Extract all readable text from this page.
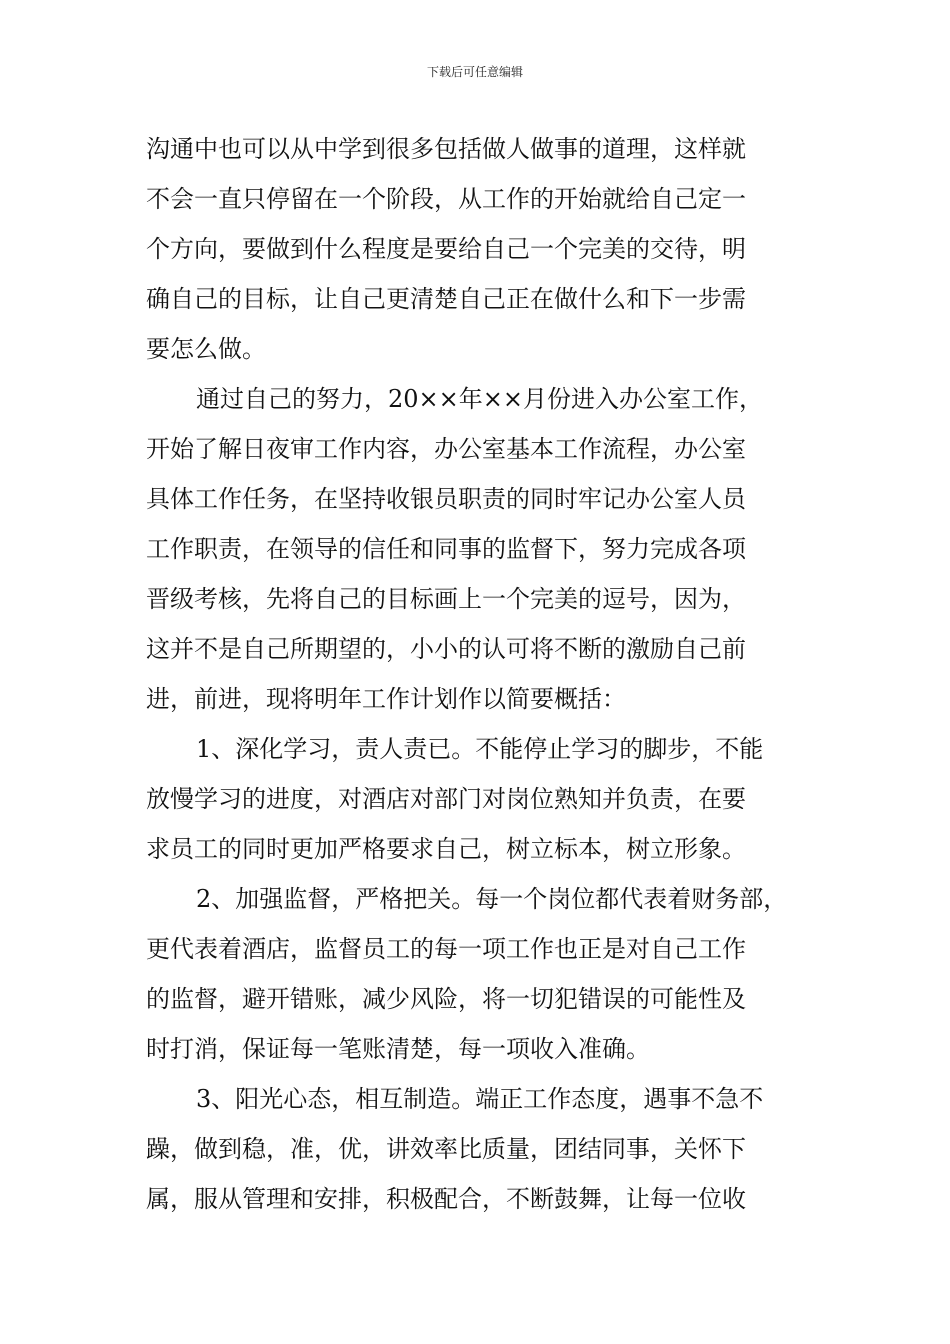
下载后可任意编辑
沟通中也可以从中学到很多包括做人做事的道理，这样就
不会一直只停留在一个阶段，从工作的开始就给自己定一
个方向，要做到什么程度是要给自己一个完美的交待，明
确自己的目标，让自己更清楚自己正在做什么和下一步需
要怎么做。
通过自己的努力，20××年××月份进入办公室工作，
开始了解日夜审工作内容，办公室基本工作流程，办公室
具体工作任务，在坚持收银员职责的同时牢记办公室人员
工作职责，在领导的信任和同事的监督下，努力完成各项
晋级考核，先将自己的目标画上一个完美的逗号，因为，
这并不是自己所期望的，小小的认可将不断的激励自己前
进，前进，现将明年工作计划作以简要概括：
1、深化学习，责人责已。不能停止学习的脚步，不能
放慢学习的进度，对酒店对部门对岗位熟知并负责，在要
求员工的同时更加严格要求自己，树立标本，树立形象。
2、加强监督，严格把关。每一个岗位都代表着财务部，
更代表着酒店，监督员工的每一项工作也正是对自己工作
的监督，避开错账，减少风险，将一切犯错误的可能性及
时打消，保证每一笔账清楚，每一项收入准确。
3、阳光心态，相互制造。端正工作态度，遇事不急不
躁，做到稳，准，优，讲效率比质量，团结同事，关怀下
属，服从管理和安排，积极配合，不断鼓舞，让每一位收
